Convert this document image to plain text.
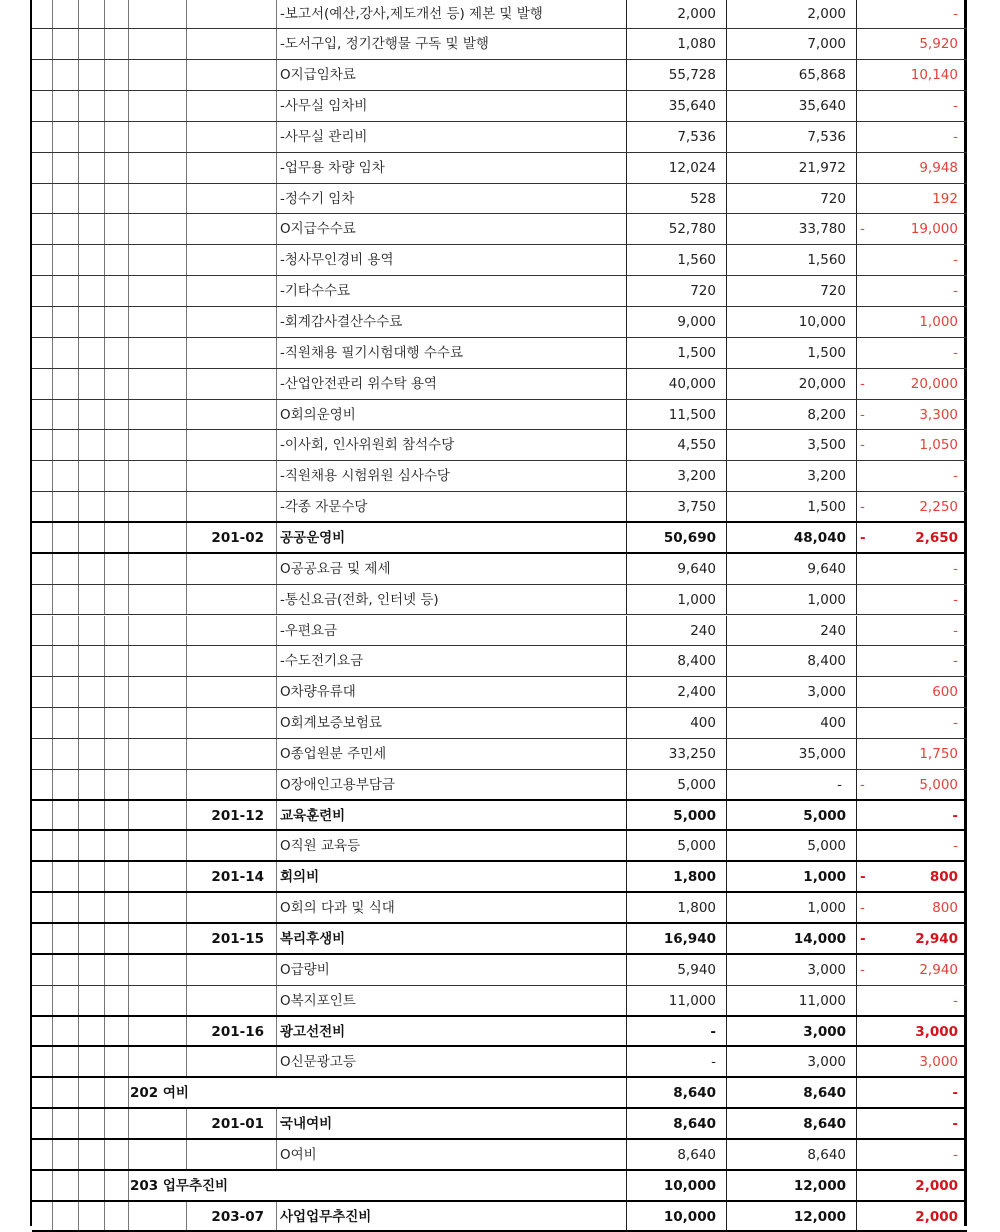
-보고서(예산,강사,제도개선 등) 제본 및 발행	2,000	2,000	-
-도서구입, 정기간행물 구독 및 발행	1,080	7,000	5,920
O지급임차료	55,728	65,868	10,140
-사무실 임차비	35,640	35,640	-
-사무실 관리비	7,536	7,536	-
-업무용 차량 임차	12,024	21,972	9,948
-정수기 임차	528	720	192
O지급수수료	52,780	33,780 -	19,000
-청사무인경비 용역	1,560	1,560	-
-기타수수료	720	720	-
-회계감사결산수수료	9,000	10,000	1,000
-직원채용 필기시험대행 수수료	1,500	1,500	-
-산업안전관리 위수탁 용역	40,000	20,000 -	20,000
O회의운영비	11,500	8,200 -	3,300
-이사회, 인사위원회 참석수당	4,550	3,500 -	1,050
-직원채용 시험위원 심사수당	3,200	3,200	-
-각종 자문수당	3,750	1,500 -	2,250
201-02 공공운영비	50,690	48,040 -	2,650
O공공요금 및 제세	9,640	9,640	-
-통신요금(전화, 인터넷 등)	1,000	1,000	-
-우편요금	240	240	-
-수도전기요금	8,400	8,400	-
O차량유류대	2,400	3,000	600
O회계보증보험료	400	400	-
O종업원분 주민세	33,250	35,000	1,750
O장애인고용부담금	5,000	- -	5,000
201-12 교육훈련비	5,000	5,000	-
O직원 교육등	5,000	5,000	-
201-14 회의비	1,800	1,000 -	800
O회의 다과 및 식대	1,800	1,000 -	800
201-15 복리후생비	16,940	14,000 -	2,940
O급량비	5,940	3,000 -	2,940
O복지포인트	11,000	11,000	-
201-16 광고선전비	-	3,000	3,000
O신문광고등	-	3,000	3,000
202 여비	8,640	8,640	-
201-01 국내여비	8,640	8,640	-
O여비	8,640	8,640	-
203 업무추진비	10,000	12,000	2,000
203-07 사업업무추진비	10,000	12,000	2,000
